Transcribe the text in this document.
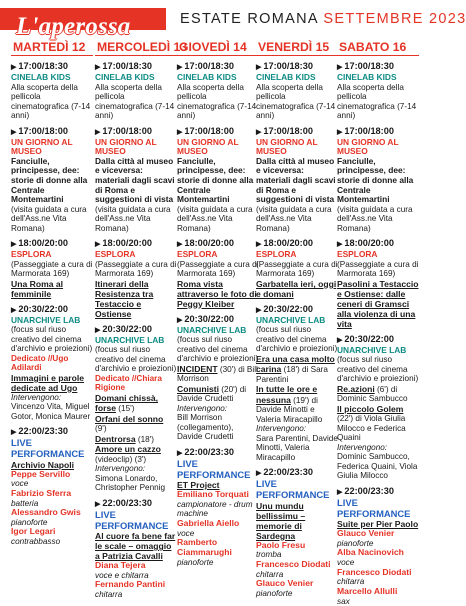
L'aperossa	ESTATE ROMANA SETTEMBRE 2023
MARTEDÌ 12
▶ 17:00/18:30
CINELAB KIDS
Alla scoperta della pellicola cinematografica (7-14 anni)
▶ 17:00/18:00
UN GIORNO AL MUSEO
Fanciulle, principesse, dee: storie di donne alla Centrale Montemartini
(visita guidata a cura dell'Ass.ne Vita Romana)
▶ 18:00/20:00
ESPLORA
(Passeggiate a cura di Marmorata 169)
Una Roma al femminile
▶ 20:30/22:00
UNARCHIVE LAB
(focus sul riuso creativo del cinema d'archivio e proiezioni)
Dedicato //Ugo Adilardi
Immagini e parole dedicate ad Ugo
Intervengono:
Vincenzo Vita, Miguel Gotor, Monica Maurer
▶ 22:00/23:30
LIVE PERFORMANCE
Archivio Napoli
Peppe Servillo
voce
Fabrizio Sferra
batteria
Alessandro Gwis
pianoforte
Igor Legari
contrabbasso
MERCOLEDÌ 13
▶ 17:00/18:30
CINELAB KIDS
Alla scoperta della pellicola cinematografica (7-14 anni)
▶ 17:00/18:00
UN GIORNO AL MUSEO
Dalla città al museo e viceversa: materiali dagli scavi di Roma e suggestioni di vista
(visita guidata a cura dell'Ass.ne Vita Romana)
▶ 18:00/20:00
ESPLORA
(Passeggiate a cura di Marmorata 169)
Itinerari della Resistenza tra Testaccio e Ostiense
▶ 20:30/22:00
UNARCHIVE LAB
(focus sul riuso creativo del cinema d'archivio e proiezioni)
Dedicato //Chiara Rigione
Domani chissà, forse (15')
Orfani del sonno (9')
Dentrorsa (18')
Amore un cazzo (videoclip) (3')
Intervengono:
Simona Lonardo, Christopher Pennig
▶ 22:00/23:30
LIVE PERFORMANCE
Al cuore fa bene far le scale – omaggio a Patrizia Cavalli
Diana Tejera
voce e chitarra
Fernando Pantini
chitarra
GIOVEDÌ 14
▶ 17:00/18:30
CINELAB KIDS
Alla scoperta della pellicola cinematografica (7-14 anni)
▶ 17:00/18:00
UN GIORNO AL MUSEO
Fanciulle, principesse, dee: storie di donne alla Centrale Montemartini
(visita guidata a cura dell'Ass.ne Vita Romana)
▶ 18:00/20:00
ESPLORA
(Passeggiate a cura di Marmorata 169)
Roma vista attraverso le foto di Peggy Kleiber
▶ 20:30/22:00
UNARCHIVE LAB
(focus sul riuso creativo del cinema d'archivio e proiezioni)
INCIDENT (30') di Bill Morrison
Comunisti (20') di Davide Crudetti
Intervengono:
Bill Morrison (collegamento), Davide Crudetti
▶ 22:00/23:30
LIVE PERFORMANCE
ET Project
Emiliano Torquati
campionatore - drum machine
Gabriella Aiello
voce
Ramberto Ciammarughi
pianoforte
VENERDÌ 15
▶ 17:00/18:30
CINELAB KIDS
Alla scoperta della pellicola cinematografica (7-14 anni)
▶ 17:00/18:00
UN GIORNO AL MUSEO
Dalla città al museo e viceversa: materiali dagli scavi di Roma e suggestioni di vista
(visita guidata a cura dell'Ass.ne Vita Romana)
▶ 18:00/20:00
ESPLORA
(Passeggiate a cura di Marmorata 169)
Garbatella ieri, oggi e domani
▶ 20:30/22:00
UNARCHIVE LAB
(focus sul riuso creativo del cinema d'archivio e proiezioni)
Era una casa molto carina (18') di Sara Parentini
In tutte le ore e nessuna (19') di Davide Minotti e Valeria Miracapillo
Intervengono:
Sara Parentini, Davide Minotti, Valeria Miracapillo
▶ 22:00/23:30
LIVE PERFORMANCE
Unu mundu bellissimu – memorie di Sardegna
Paolo Fresu
tromba
Francesco Diodati
chitarra
Glauco Venier
pianoforte
SABATO 16
▶ 17:00/18:30
CINELAB KIDS
Alla scoperta della pellicola cinematografica (7-14 anni)
▶ 17:00/18:00
UN GIORNO AL MUSEO
Fanciulle, principesse, dee: storie di donne alla Centrale Montemartini
(visita guidata a cura dell'Ass.ne Vita Romana)
▶ 18:00/20:00
ESPLORA
(Passeggiate a cura di Marmorata 169)
Pasolini a Testaccio e Ostiense: dalle ceneri di Gramsci alla violenza di una vita
▶ 20:30/22:00
UNARCHIVE LAB
(focus sul riuso creativo del cinema d'archivio e proiezioni)
Re.azioni (6') di Dominic Sambucco
Il piccolo Golem (22') di Viola Giulia Milocco e Federica Quaini
Intervengono:
Dominic Sambucco, Federica Quaini, Viola Giulia Milocco
▶ 22:00/23:30
LIVE PERFORMANCE
Suite per Pier Paolo
Glauco Venier
pianoforte
Alba Nacinovich
voce
Francesco Diodati
chitarra
Marcello Allulli
sax
